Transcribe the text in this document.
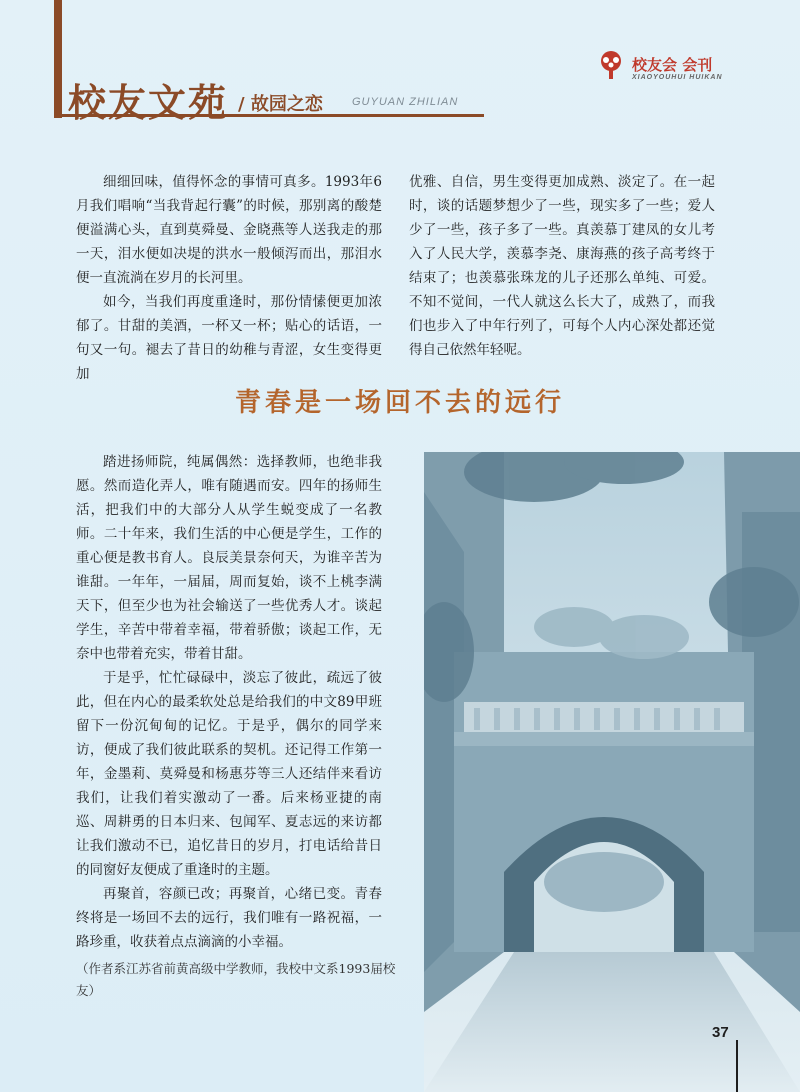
校友文苑 / 故园之恋	GUYUAN ZHILIAN
校友会 会刊
XIAOYOUHUI HUIKAN

细细回味，值得怀念的事情可真多。1993年6月我们唱响“当我背起行囊”的时候，那别离的酸楚便溢满心头，直到莫舜曼、金晓燕等人送我走的那一天，泪水便如决堤的洪水一般倾泻而出，那泪水便一直流淌在岁月的长河里。

如今，当我们再度重逢时，那份情愫便更加浓郁了。甘甜的美酒，一杯又一杯；贴心的话语，一句又一句。褪去了昔日的幼稚与青涩，女生变得更加

优雅、自信，男生变得更加成熟、淡定了。在一起时，谈的话题梦想少了一些，现实多了一些；爱人少了一些，孩子多了一些。真羡慕丁建凤的女儿考入了人民大学，羡慕李尧、康海燕的孩子高考终于结束了；也羡慕张珠龙的儿子还那么单纯、可爱。不知不觉间，一代人就这么长大了，成熟了，而我们也步入了中年行列了，可每个人内心深处都还觉得自己依然年轻呢。

青春是一场回不去的远行

踏进扬师院，纯属偶然：选择教师，也绝非我愿。然而造化弄人，唯有随遇而安。四年的扬师生活，把我们中的大部分人从学生蜕变成了一名教师。二十年来，我们生活的中心便是学生，工作的重心便是教书育人。良辰美景奈何天，为谁辛苦为谁甜。一年年，一届届，周而复始，谈不上桃李满天下，但至少也为社会输送了一些优秀人才。谈起学生，辛苦中带着幸福，带着骄傲；谈起工作，无奈中也带着充实，带着甘甜。

于是乎，忙忙碌碌中，淡忘了彼此，疏远了彼此，但在内心的最柔软处总是给我们的中文89甲班留下一份沉甸甸的记忆。于是乎，偶尔的同学来访，便成了我们彼此联系的契机。还记得工作第一年，金墨莉、莫舜曼和杨惠芬等三人还结伴来看访我们，让我们着实激动了一番。后来杨亚捷的南巡、周耕勇的日本归来、包闻军、夏志远的来访都让我们激动不已，追忆昔日的岁月，打电话给昔日的同窗好友便成了重逢时的主题。

再聚首，容颜已改；再聚首，心绪已变。青春终将是一场回不去的远行，我们唯有一路祝福，一路珍重，收获着点点滴滴的小幸福。

（作者系江苏省前黄高级中学教师，我校中文系1993届校友）
37
